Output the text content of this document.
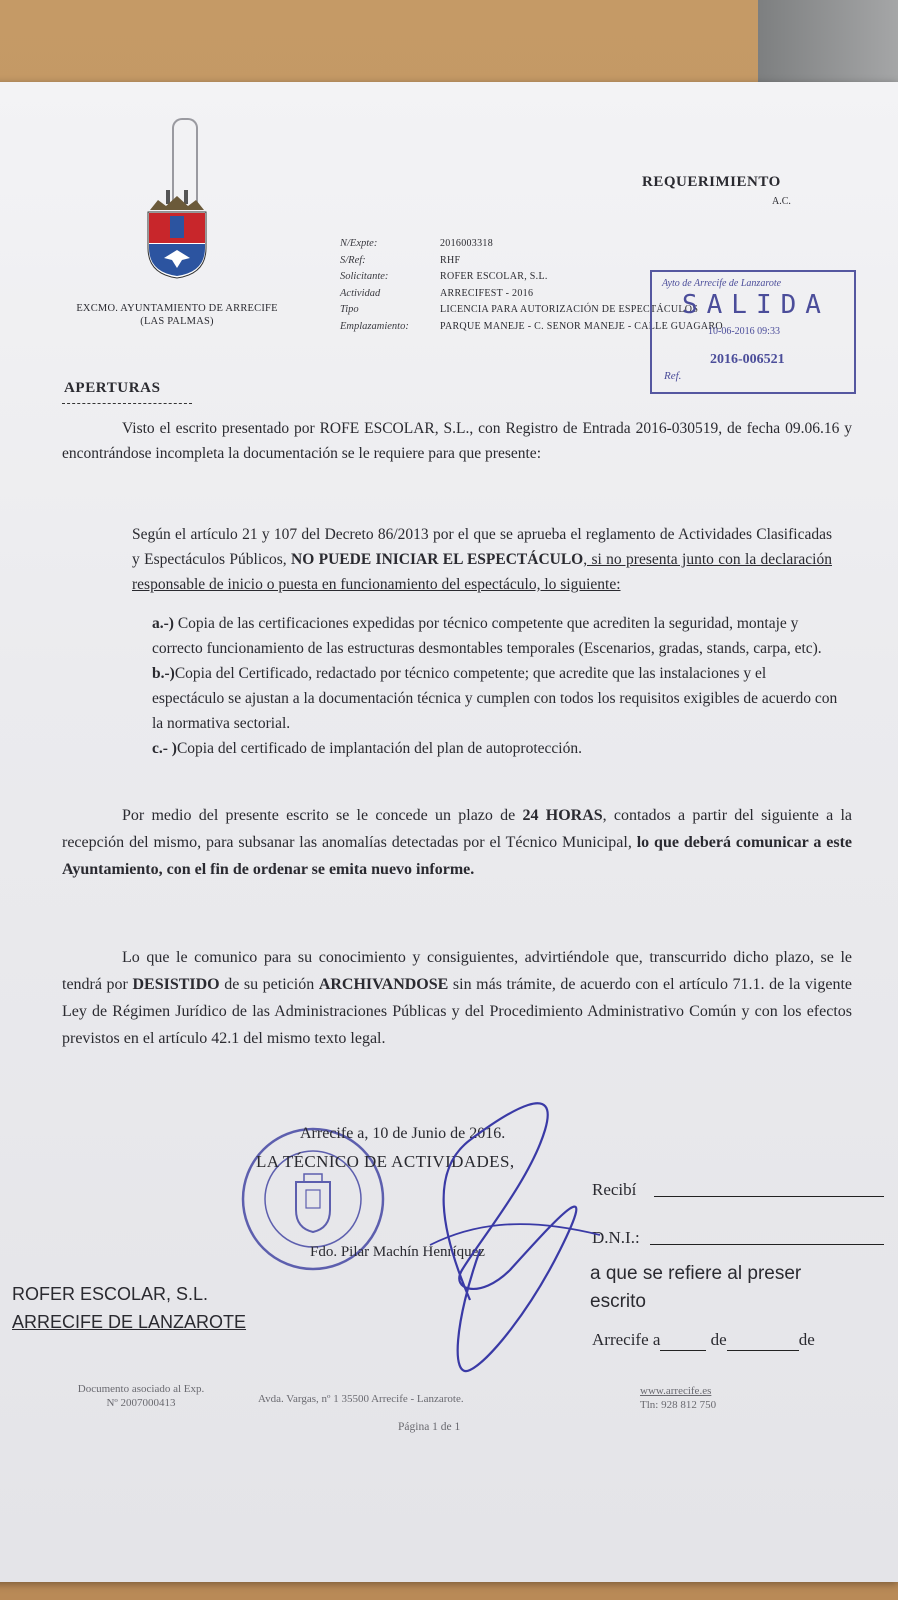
EXCMO. AYUNTAMIENTO DE ARRECIFE
(LAS PALMAS)
REQUERIMIENTO
A.C.
N/Expte:	2016003318
S/Ref:	RHF
Solicitante:	ROFER ESCOLAR, S.L.
Actividad	ARRECIFEST - 2016
Tipo	LICENCIA PARA AUTORIZACIÓN DE ESPECTÁCULOS
Emplazamiento:	PARQUE MANEJE - C. SENOR MANEJE - CALLE GUAGARO
Ayto de Arrecife de Lanzarote
SALIDA
10-06-2016 09:33
2016-006521
Ref.
APERTURAS
Visto el escrito presentado por ROFE ESCOLAR, S.L., con Registro de Entrada 2016-030519, de fecha 09.06.16 y encontrándose incompleta la documentación se le requiere para que presente:
Según el artículo 21 y 107 del Decreto 86/2013 por el que se aprueba el reglamento de Actividades Clasificadas y Espectáculos Públicos, NO PUEDE INICIAR EL ESPECTÁCULO, si no presenta junto con la declaración responsable de inicio o puesta en funcionamiento del espectáculo, lo siguiente:
a.-) Copia de las certificaciones expedidas por técnico competente que acrediten la seguridad, montaje y correcto funcionamiento de las estructuras desmontables temporales (Escenarios, gradas, stands, carpa, etc).
b.-)Copia del Certificado, redactado por técnico competente; que acredite que las instalaciones y el espectáculo se ajustan a la documentación técnica y cumplen con todos los requisitos exigibles de acuerdo con la normativa sectorial.
c.- )Copia del certificado de implantación del plan de autoprotección.
Por medio del presente escrito se le concede un plazo de 24 HORAS, contados a partir del siguiente a la recepción del mismo, para subsanar las anomalías detectadas por el Técnico Municipal, lo que deberá comunicar a este Ayuntamiento, con el fin de ordenar se emita nuevo informe.
Lo que le comunico para su conocimiento y consiguientes, advirtiéndole que, transcurrido dicho plazo, se le tendrá por DESISTIDO de su petición ARCHIVANDOSE sin más trámite, de acuerdo con el artículo 71.1. de la vigente Ley de Régimen Jurídico de las Administraciones Públicas y del Procedimiento Administrativo Común y con los efectos previstos en el artículo 42.1 del mismo texto legal.
Arrecife a, 10 de Junio de 2016.
LA TÉCNICO DE ACTIVIDADES,
Fdo. Pilar Machín Henríquez
Recibí
D.N.I.:
a que se refiere al preser
escrito
Arrecife a	de	de
ROFER ESCOLAR, S.L.
ARRECIFE DE LANZAROTE
Documento asociado al Exp.
Nº 2007000413	Avda. Vargas, nº 1 35500 Arrecife - Lanzarote.
www.arrecife.es
Tln: 928 812 750
Página 1 de 1
